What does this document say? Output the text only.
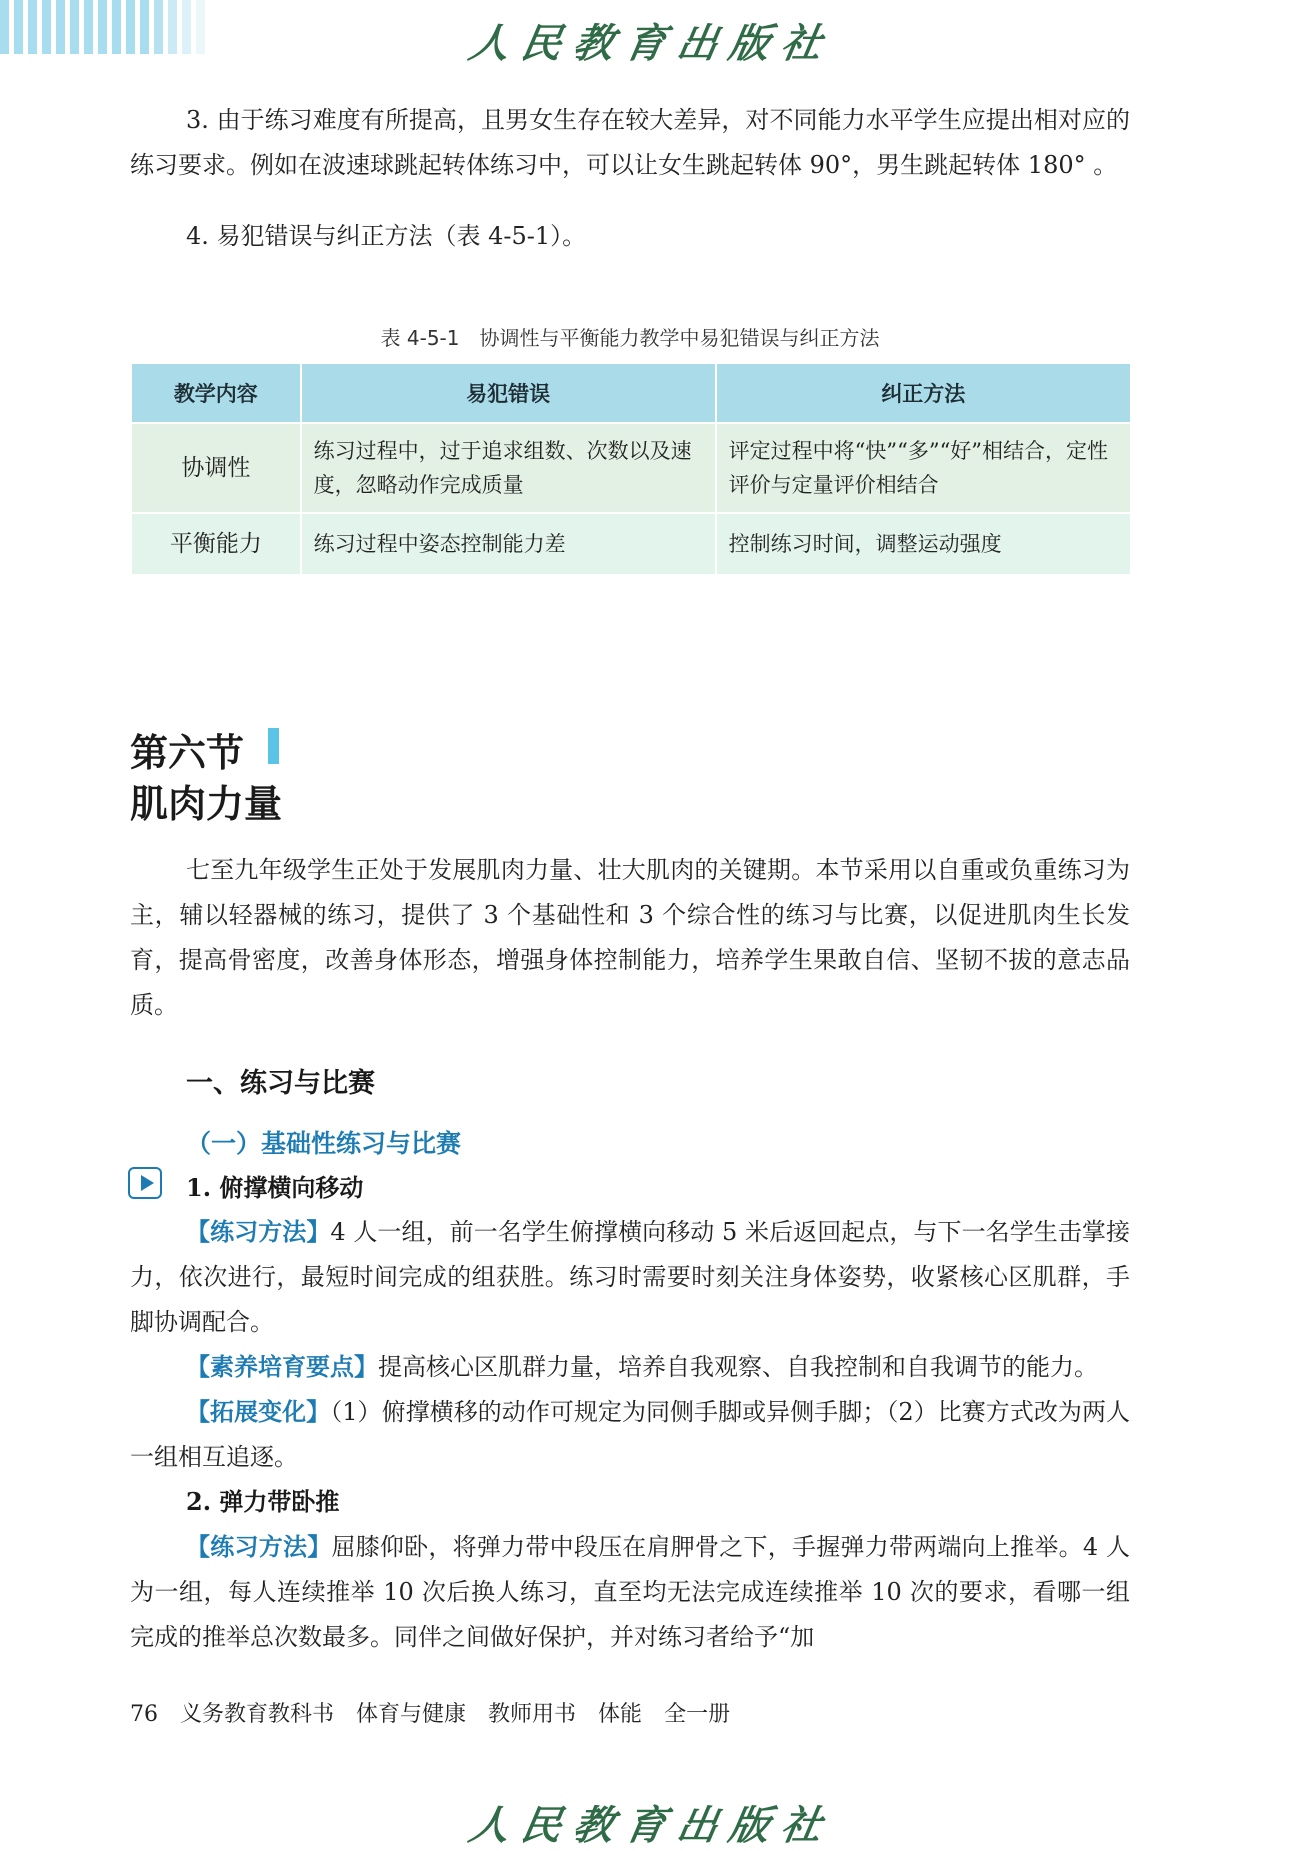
人民教育出版社

3. 由于练习难度有所提高，且男女生存在较大差异，对不同能力水平学生应提出相对应的练习要求。例如在波速球跳起转体练习中，可以让女生跳起转体 90°，男生跳起转体 180° 。

4. 易犯错误与纠正方法（表 4-5-1）。

表 4-5-1　协调性与平衡能力教学中易犯错误与纠正方法
教学内容	易犯错误	纠正方法
协调性	练习过程中，过于追求组数、次数以及速度，忽略动作完成质量	评定过程中将“快”“多”“好”相结合，定性评价与定量评价相结合
平衡能力	练习过程中姿态控制能力差	控制练习时间，调整运动强度
第六节
肌肉力量

七至九年级学生正处于发展肌肉力量、壮大肌肉的关键期。本节采用以自重或负重练习为主，辅以轻器械的练习，提供了 3 个基础性和 3 个综合性的练习与比赛，以促进肌肉生长发育，提高骨密度，改善身体形态，增强身体控制能力，培养学生果敢自信、坚韧不拔的意志品质。

一、练习与比赛
（一）基础性练习与比赛
1. 俯撑横向移动

【练习方法】4 人一组，前一名学生俯撑横向移动 5 米后返回起点，与下一名学生击掌接力，依次进行，最短时间完成的组获胜。练习时需要时刻关注身体姿势，收紧核心区肌群，手脚协调配合。

【素养培育要点】提高核心区肌群力量，培养自我观察、自我控制和自我调节的能力。

【拓展变化】（1）俯撑横移的动作可规定为同侧手脚或异侧手脚；（2）比赛方式改为两人一组相互追逐。

2. 弹力带卧推

【练习方法】屈膝仰卧，将弹力带中段压在肩胛骨之下，手握弹力带两端向上推举。4 人为一组，每人连续推举 10 次后换人练习，直至均无法完成连续推举 10 次的要求，看哪一组完成的推举总次数最多。同伴之间做好保护，并对练习者给予“加

76 义务教育教科书 体育与健康 教师用书 体能 全一册
人民教育出版社
